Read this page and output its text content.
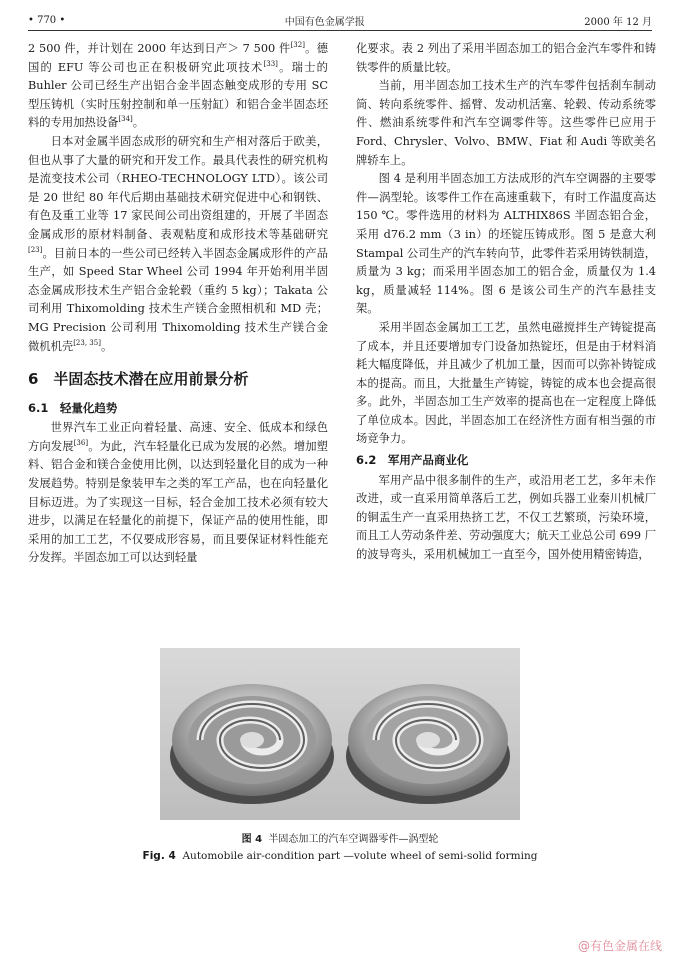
• 770 •	中国有色金属学报	2000 年 12 月

2 500 件，并计划在 2000 年达到日产＞ 7 500 件[32]。德国的 EFU 等公司也正在积极研究此项技术[33]。瑞士的 Buhler 公司已经生产出铝合金半固态触变成形的专用 SC 型压铸机（实时压射控制和单一压射缸）和铝合金半固态坯料的专用加热设备[34]。

日本对金属半固态成形的研究和生产相对落后于欧美，但也从事了大量的研究和开发工作。最具代表性的研究机构是流变技术公司（RHEO-TECHNOLOGY LTD）。该公司是 20 世纪 80 年代后期由基础技术研究促进中心和钢铁、有色及重工业等 17 家民间公司出资组建的，开展了半固态金属成形的原材料制备、表观粘度和成形技术等基础研究[23]。目前日本的一些公司已经转入半固态金属成形件的产品生产，如 Speed Star Wheel 公司 1994 年开始利用半固态金属成形技术生产铝合金轮毂（重约 5 kg）；Takata 公司利用 Thixomolding 技术生产镁合金照相机和 MD 壳；MG Precision 公司利用 Thixomolding 技术生产镁合金微机机壳[23, 35]。

6　半固态技术潜在应用前景分析
6.1　轻量化趋势

世界汽车工业正向着轻量、高速、安全、低成本和绿色方向发展[36]。为此，汽车轻量化已成为发展的必然。增加塑料、铝合金和镁合金使用比例，以达到轻量化目的成为一种发展趋势。特别是象装甲车之类的军工产品，也在向轻量化目标迈进。为了实现这一目标，轻合金加工技术必须有较大进步，以满足在轻量化的前提下，保证产品的使用性能，即采用的加工工艺，不仅要成形容易，而且要保证材料性能充分发挥。半固态加工可以达到轻量

化要求。表 2 列出了采用半固态加工的铝合金汽车零件和铸铁零件的质量比较。

当前，用半固态加工技术生产的汽车零件包括刹车制动筒、转向系统零件、摇臂、发动机活塞、轮毂、传动系统零件、燃油系统零件和汽车空调零件等。这些零件已应用于 Ford、Chrysler、Volvo、BMW、Fiat 和 Audi 等欧美名牌轿车上。

图 4 是利用半固态加工方法成形的汽车空调器的主要零件—涡型轮。该零件工作在高速重载下，有时工作温度高达 150 ℃。零件选用的材料为 ALTHIX86S 半固态铝合金，采用 d76.2 mm（3 in）的坯锭压铸成形。图 5 是意大利 Stampal 公司生产的汽车转向节，此零件若采用铸铁制造，质量为 3 kg；而采用半固态加工的铝合金，质量仅为 1.4 kg，质量减轻 114%。图 6 是该公司生产的汽车悬挂支架。

采用半固态金属加工工艺，虽然电磁搅拌生产铸锭提高了成本，并且还要增加专门设备加热锭坯，但是由于材料消耗大幅度降低，并且减少了机加工量，因而可以弥补铸锭成本的提高。而且，大批量生产铸锭，铸锭的成本也会提高很多。此外，半固态加工生产效率的提高也在一定程度上降低了单位成本。因此，半固态加工在经济性方面有相当强的市场竞争力。

6.2　军用产品商业化

军用产品中很多制件的生产，或沿用老工艺，多年未作改进，或一直采用简单落后工艺，例如兵器工业秦川机械厂的铜盂生产一直采用热挤工艺，不仅工艺繁琐，污染环境，而且工人劳动条件差、劳动强度大；航天工业总公司 699 厂的波导弯头，采用机械加工一直至今，国外使用精密铸造，

图 4 半固态加工的汽车空调器零件—涡型轮
Fig. 4 Automobile air-condition part —volute wheel of semi-solid forming
@有色金属在线
